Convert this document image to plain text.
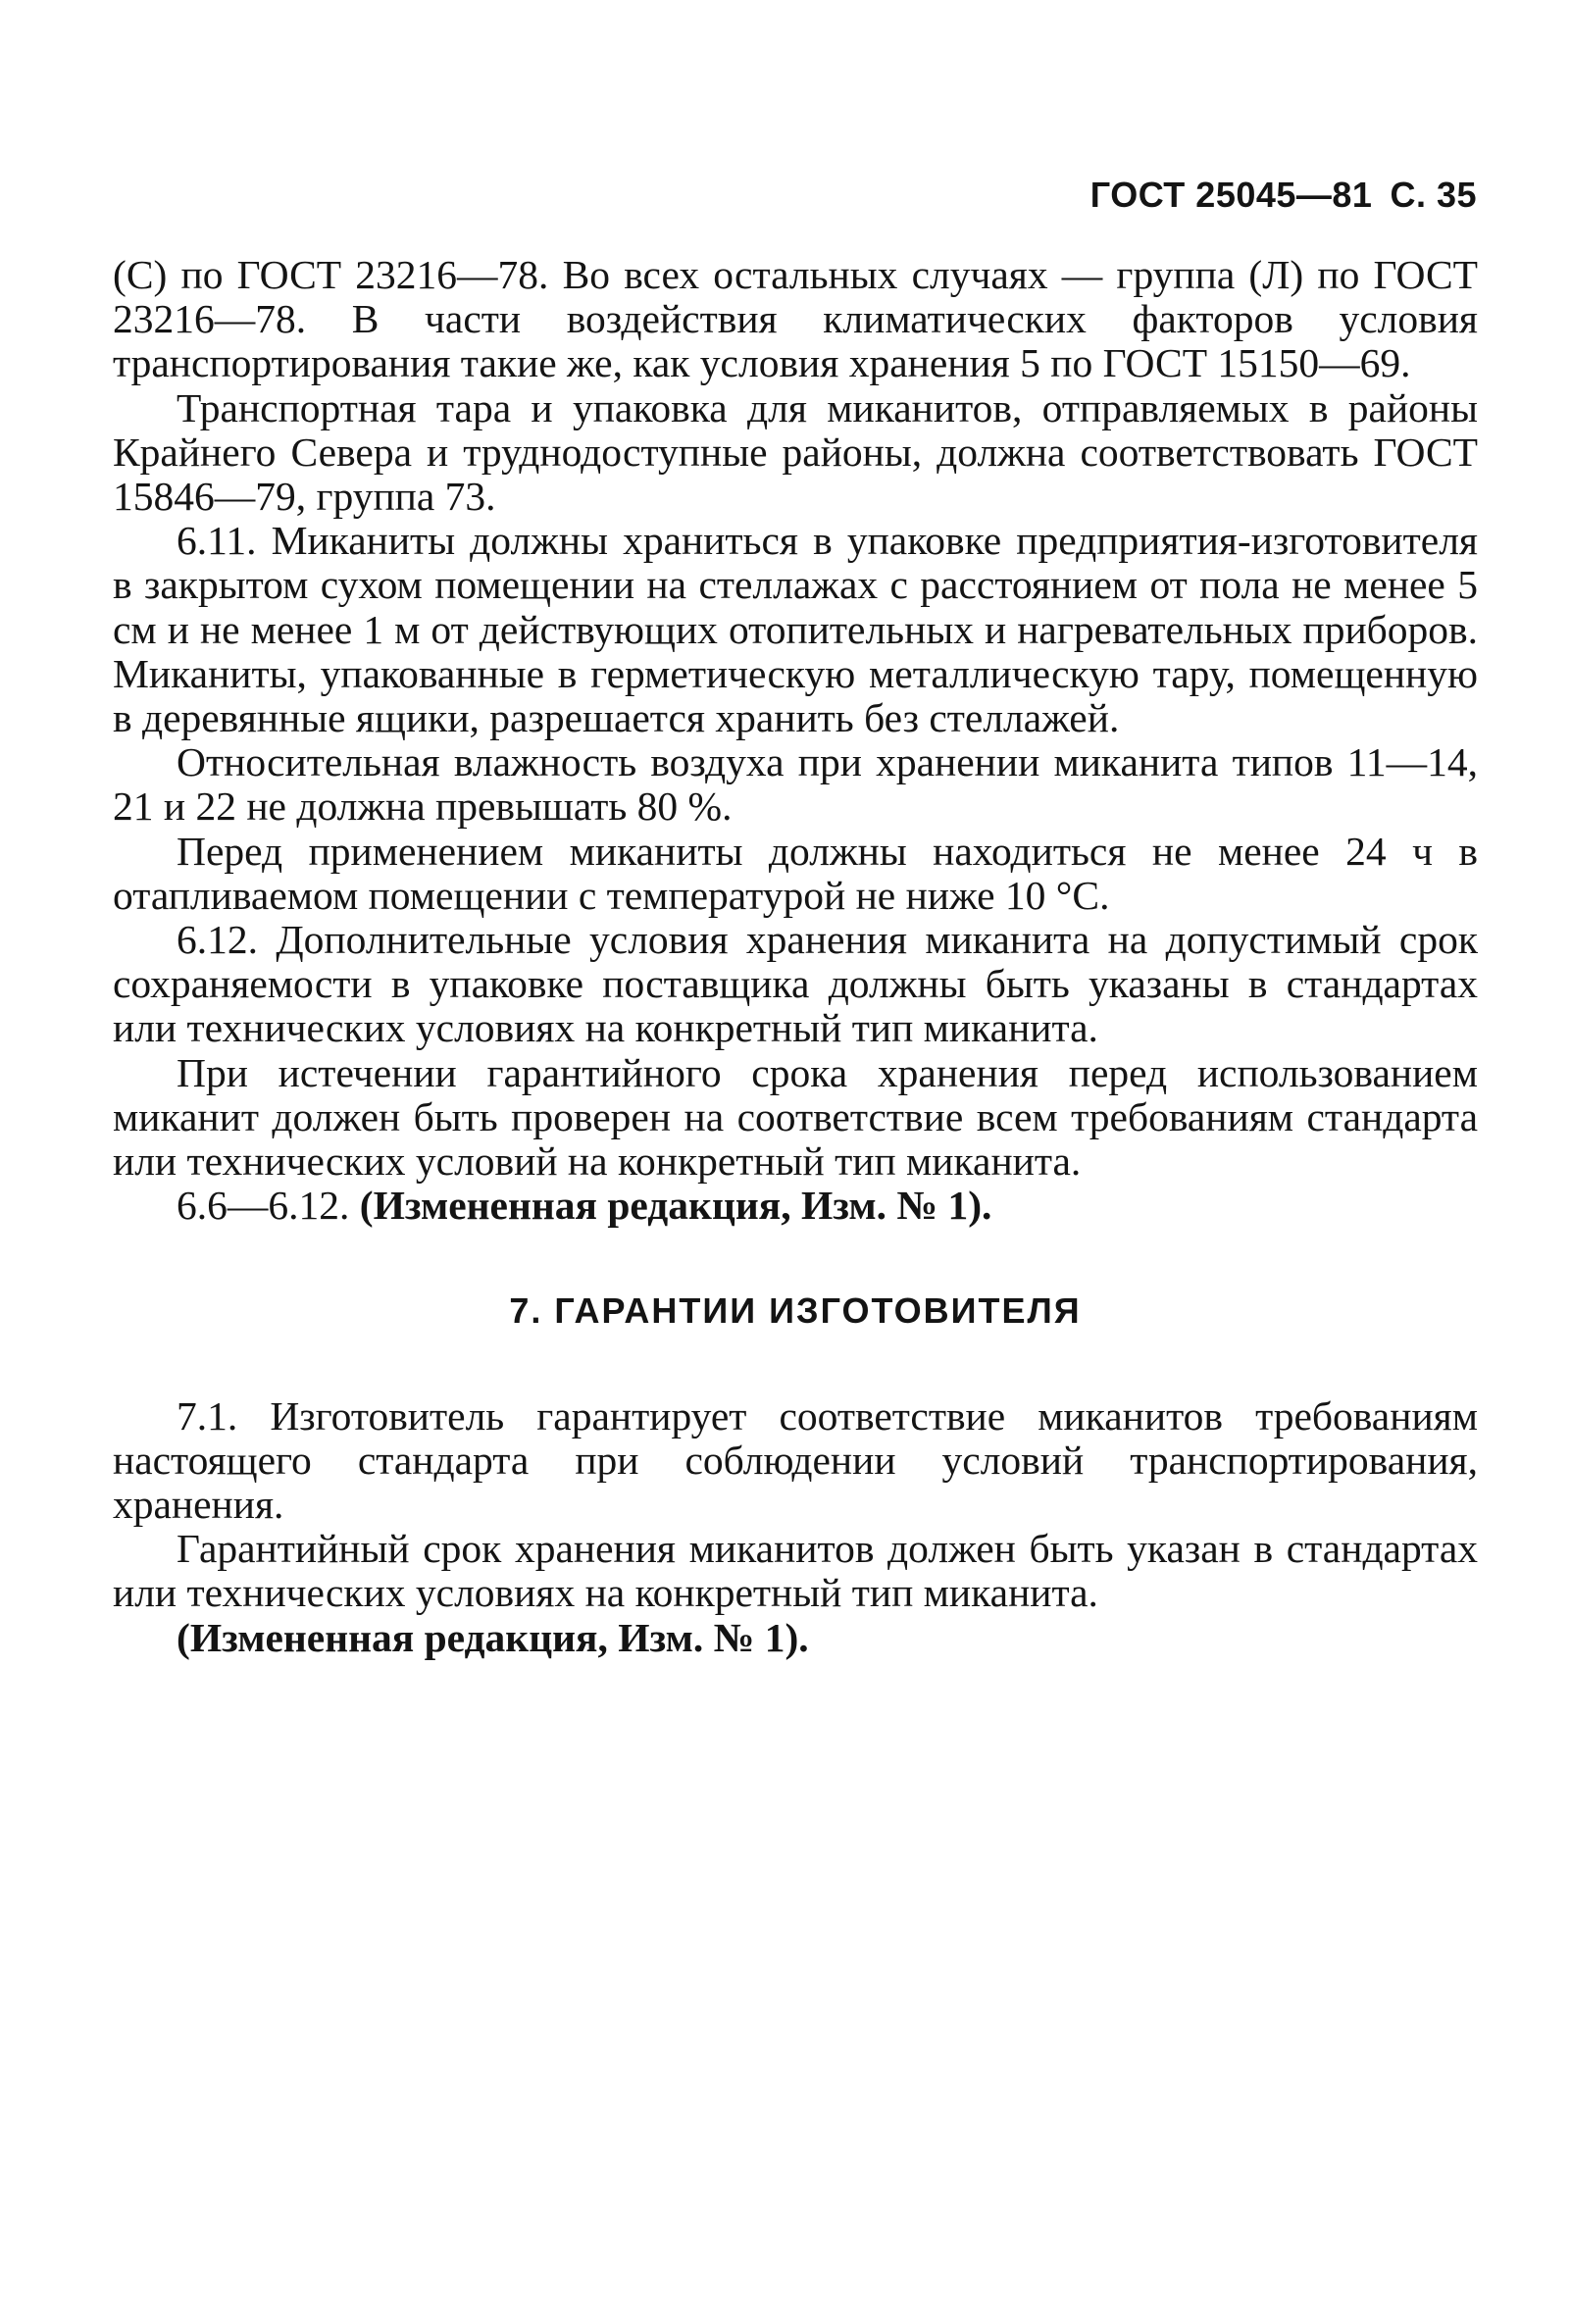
ГОСТ 25045—81 С. 35

(С) по ГОСТ 23216—78. Во всех остальных случаях — группа (Л) по ГОСТ 23216—78. В части воздействия климатических факторов условия транспортирования такие же, как условия хранения 5 по ГОСТ 15150—69.

Транспортная тара и упаковка для миканитов, отправляемых в районы Крайнего Севера и труднодоступные районы, должна соответствовать ГОСТ 15846—79, группа 73.

6.11. Миканиты должны храниться в упаковке предприятия-изготовителя в закрытом сухом помещении на стеллажах с расстоянием от пола не менее 5 см и не менее 1 м от действующих отопительных и нагревательных приборов. Миканиты, упакованные в герметическую металлическую тару, помещенную в деревянные ящики, разрешается хранить без стеллажей.

Относительная влажность воздуха при хранении миканита типов 11—14, 21 и 22 не должна превышать 80 %.

Перед применением миканиты должны находиться не менее 24 ч в отапливаемом помещении с температурой не ниже 10 °С.

6.12. Дополнительные условия хранения миканита на допустимый срок сохраняемости в упаковке поставщика должны быть указаны в стандартах или технических условиях на конкретный тип миканита.

При истечении гарантийного срока хранения перед использованием миканит должен быть проверен на соответствие всем требованиям стандарта или технических условий на конкретный тип миканита.

6.6—6.12. (Измененная редакция, Изм. № 1).

7. ГАРАНТИИ ИЗГОТОВИТЕЛЯ

7.1. Изготовитель гарантирует соответствие миканитов требованиям настоящего стандарта при соблюдении условий транспортирования, хранения.

Гарантийный срок хранения миканитов должен быть указан в стандартах или технических условиях на конкретный тип миканита.

(Измененная редакция, Изм. № 1).
